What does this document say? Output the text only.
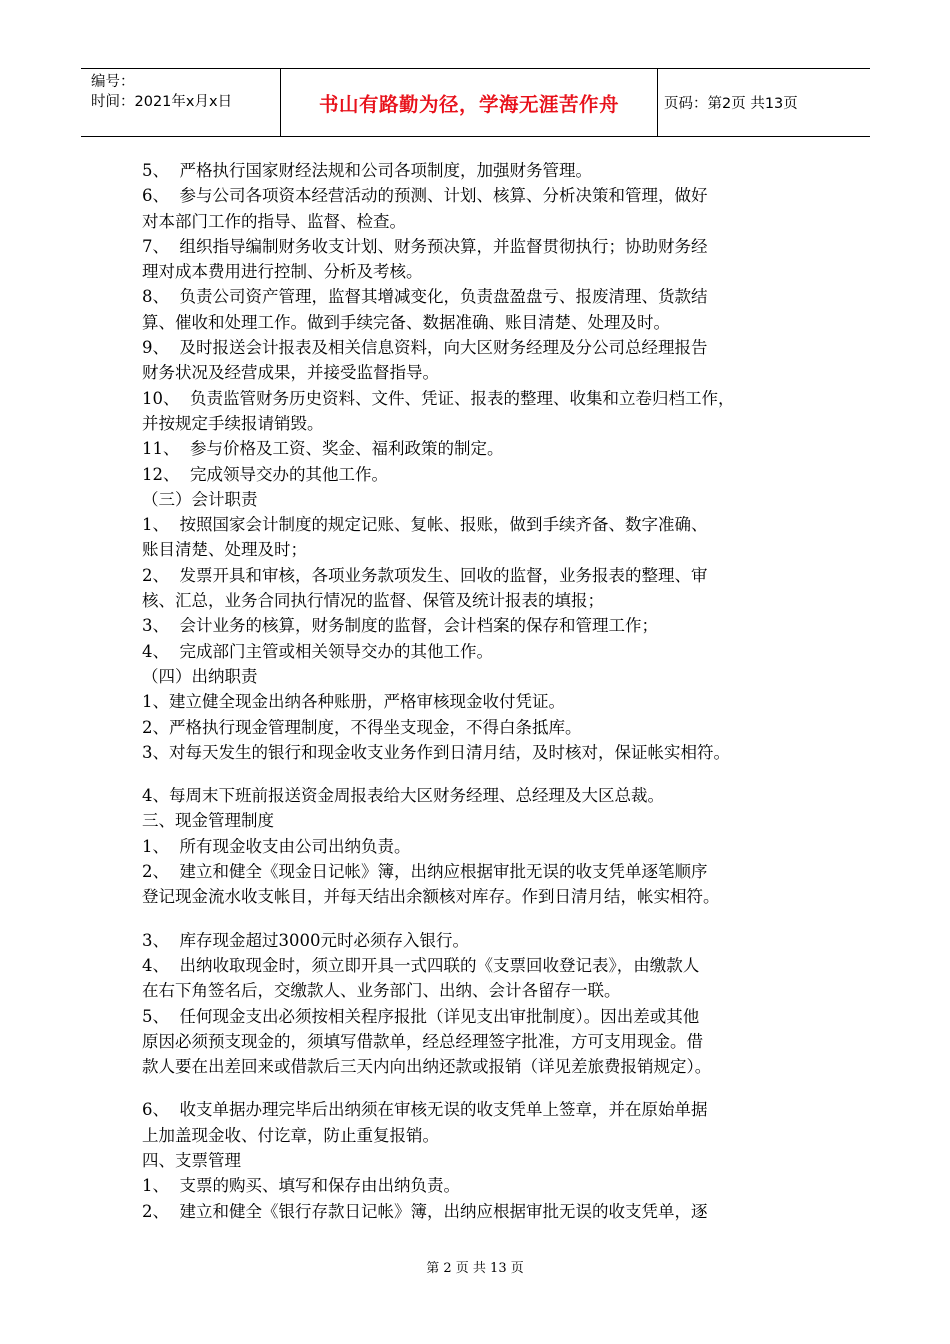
编号：
时间：2021年x月x日	书山有路勤为径，学海无涯苦作舟	页码：第2页 共13页
5、  严格执行国家财经法规和公司各项制度，加强财务管理。
6、  参与公司各项资本经营活动的预测、计划、核算、分析决策和管理，做好
对本部门工作的指导、监督、检查。
7、  组织指导编制财务收支计划、财务预决算，并监督贯彻执行；协助财务经
理对成本费用进行控制、分析及考核。
8、  负责公司资产管理，监督其增减变化，负责盘盈盘亏、报废清理、货款结
算、催收和处理工作。做到手续完备、数据准确、账目清楚、处理及时。
9、  及时报送会计报表及相关信息资料，向大区财务经理及分公司总经理报告
财务状况及经营成果，并接受监督指导。
10、  负责监管财务历史资料、文件、凭证、报表的整理、收集和立卷归档工作，
并按规定手续报请销毁。
11、  参与价格及工资、奖金、福利政策的制定。
12、  完成领导交办的其他工作。
（三）会计职责
1、  按照国家会计制度的规定记账、复帐、报账，做到手续齐备、数字准确、
账目清楚、处理及时；
2、  发票开具和审核，各项业务款项发生、回收的监督，业务报表的整理、审
核、汇总，业务合同执行情况的监督、保管及统计报表的填报；
3、  会计业务的核算，财务制度的监督，会计档案的保存和管理工作；
4、  完成部门主管或相关领导交办的其他工作。
（四）出纳职责
1、建立健全现金出纳各种账册，严格审核现金收付凭证。
2、严格执行现金管理制度，不得坐支现金，不得白条抵库。
3、对每天发生的银行和现金收支业务作到日清月结，及时核对，保证帐实相符。
4、每周末下班前报送资金周报表给大区财务经理、总经理及大区总裁。
三、现金管理制度
1、  所有现金收支由公司出纳负责。
2、  建立和健全《现金日记帐》簿，出纳应根据审批无误的收支凭单逐笔顺序
登记现金流水收支帐目，并每天结出余额核对库存。作到日清月结，帐实相符。
3、  库存现金超过3000元时必须存入银行。
4、  出纳收取现金时，须立即开具一式四联的《支票回收登记表》，由缴款人
在右下角签名后，交缴款人、业务部门、出纳、会计各留存一联。
5、  任何现金支出必须按相关程序报批（详见支出审批制度）。因出差或其他
原因必须预支现金的，须填写借款单，经总经理签字批准，方可支用现金。借
款人要在出差回来或借款后三天内向出纳还款或报销（详见差旅费报销规定）。
6、  收支单据办理完毕后出纳须在审核无误的收支凭单上签章，并在原始单据
上加盖现金收、付讫章，防止重复报销。
四、支票管理
1、  支票的购买、填写和保存由出纳负责。
2、  建立和健全《银行存款日记帐》簿，出纳应根据审批无误的收支凭单，逐
第 2 页 共 13 页
